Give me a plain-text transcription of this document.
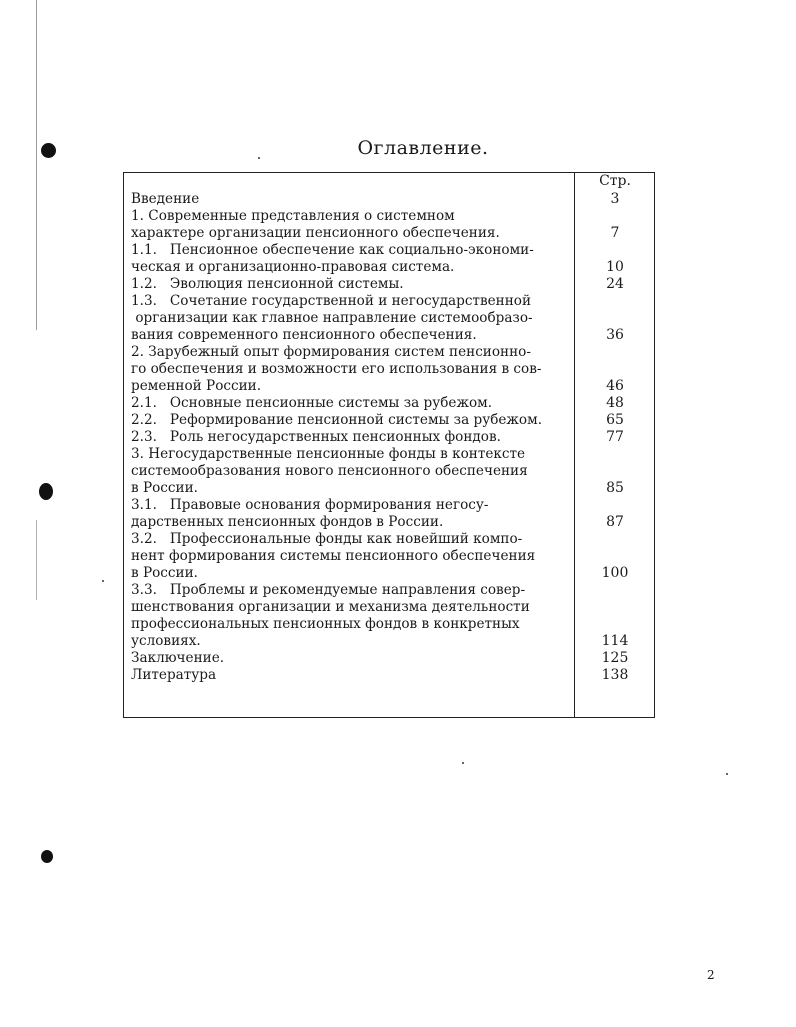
Оглавление.
Стр.
Введение	3
1. Современные представления о системном
характере организации пенсионного обеспечения.	7
1.1.   Пенсионное обеспечение как социально-экономи-
ческая и организационно-правовая система.	10
1.2.   Эволюция пенсионной системы.	24
1.3.   Сочетание государственной и негосударственной
организации как главное направление системообразо-
вания современного пенсионного обеспечения.	36
2. Зарубежный опыт формирования систем пенсионно-
го обеспечения и возможности его использования в сов-
ременной России.	46
2.1.   Основные пенсионные системы за рубежом.	48
2.2.   Реформирование пенсионной системы за рубежом.	65
2.3.   Роль негосударственных пенсионных фондов.	77
3. Негосударственные пенсионные фонды в контексте
системообразования нового пенсионного обеспечения
в России.	85
3.1.   Правовые основания формирования негосу-
дарственных пенсионных фондов в России.	87
3.2.   Профессиональные фонды как новейший компо-
нент формирования системы пенсионного обеспечения
в России.	100
3.3.   Проблемы и рекомендуемые направления совер-
шенствования организации и механизма деятельности
профессиональных пенсионных фондов в конкретных
условиях.	114
Заключение.	125
Литература	138
2
